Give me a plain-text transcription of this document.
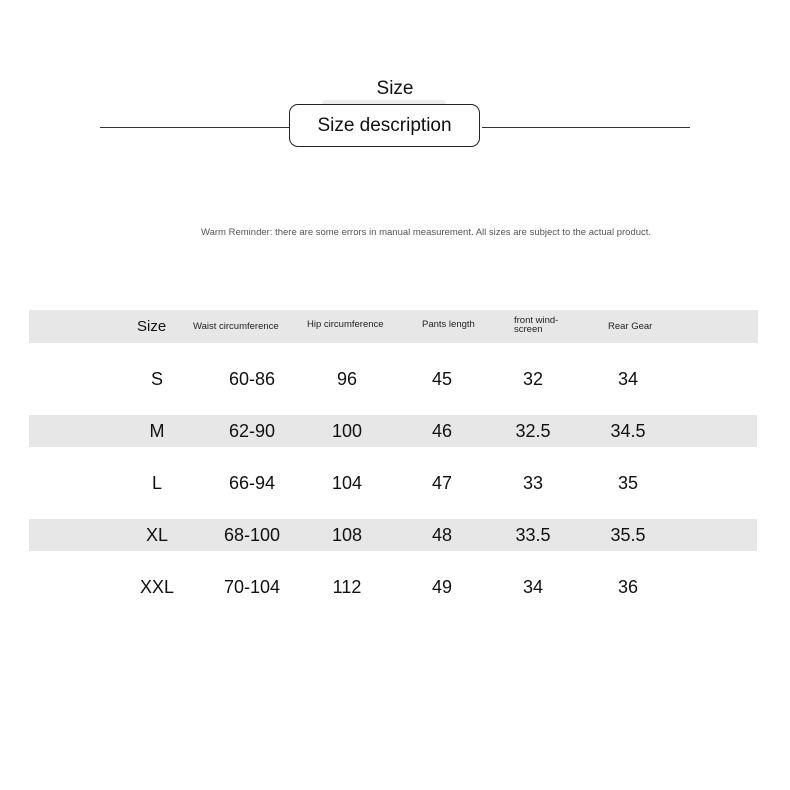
Size
Size description
Warm Reminder: there are some errors in manual measurement. All sizes are subject to the actual product.
Size	Waist circumference	Hip circumference	Pants length	front wind-screen	Rear Gear
S	60-86	96	45	32	34
M	62-90	100	46	32.5	34.5
L	66-94	104	47	33	35
XL	68-100	108	48	33.5	35.5
XXL	70-104	112	49	34	36
